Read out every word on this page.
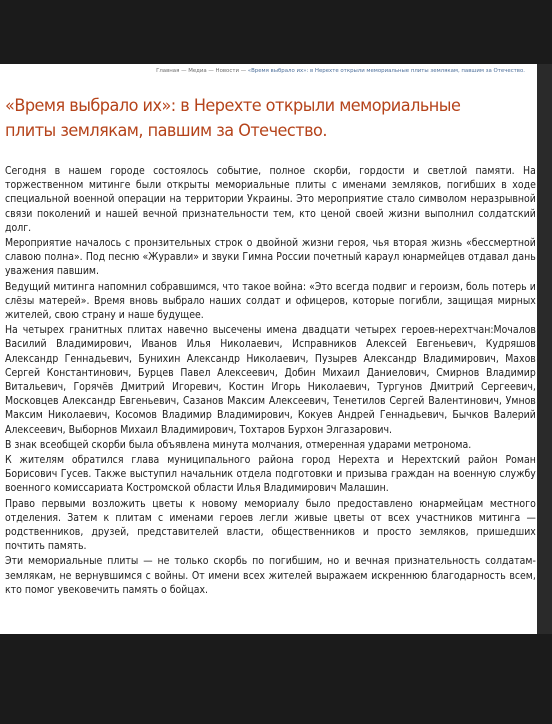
Главная — Медиа — Новости — «Время выбрало их»: в Нерехте открыли мемориальные плиты землякам, павшим за Отечество.
«Время выбрало их»: в Нерехте открыли мемориальные плиты землякам, павшим за Отечество.

Сегодня в нашем городе состоялось событие, полное скорби, гордости и светлой памяти. На торжественном митинге были открыты мемориальные плиты с именами земляков, погибших в ходе специальной военной операции на территории Украины. Это мероприятие стало символом неразрывной связи поколений и нашей вечной признательности тем, кто ценой своей жизни выполнил солдатский долг.

Мероприятие началось с пронзительных строк о двойной жизни героя, чья вторая жизнь «бессмертной славою полна». Под песню «Журавли» и звуки Гимна России почетный караул юнармейцев отдавал дань уважения павшим.

Ведущий митинга напомнил собравшимся, что такое война: «Это всегда подвиг и героизм, боль потерь и слёзы матерей». Время вновь выбрало наших солдат и офицеров, которые погибли, защищая мирных жителей, свою страну и наше будущее.

На четырех гранитных плитах навечно высечены имена двадцати четырех героев-нерехтчан:Мочалов Василий Владимирович, Иванов Илья Николаевич, Исправников Алексей Евгеньевич, Кудряшов Александр Геннадьевич, Бунихин Александр Николаевич, Пузырев Александр Владимирович, Махов Сергей Константинович, Бурцев Павел Алексеевич, Добин Михаил Даниелович, Смирнов Владимир Витальевич, Горячёв Дмитрий Игоревич, Костин Игорь Николаевич, Тургунов Дмитрий Сергеевич, Московцев Александр Евгеньевич, Сазанов Максим Алексеевич, Тенетилов Сергей Валентинович, Умнов Максим Николаевич, Косомов Владимир Владимирович, Кокуев Андрей Геннадьевич, Бычков Валерий Алексеевич, Выборнов Михаил Владимирович, Тохтаров Бурхон Элгазарович.

В знак всеобщей скорби была объявлена минута молчания, отмеренная ударами метронома.

К жителям обратился глава муниципального района город Нерехта и Нерехтский район Роман Борисович Гусев. Также выступил начальник отдела подготовки и призыва граждан на военную службу военного комиссариата Костромской области Илья Владимирович Малашин.

Право первыми возложить цветы к новому мемориалу было предоставлено юнармейцам местного отделения. Затем к плитам с именами героев легли живые цветы от всех участников митинга — родственников, друзей, представителей власти, общественников и просто земляков, пришедших почтить память.

Эти мемориальные плиты — не только скорбь по погибшим, но и вечная признательность солдатам-землякам, не вернувшимся с войны. От имени всех жителей выражаем искреннюю благодарность всем, кто помог увековечить память о бойцах.
